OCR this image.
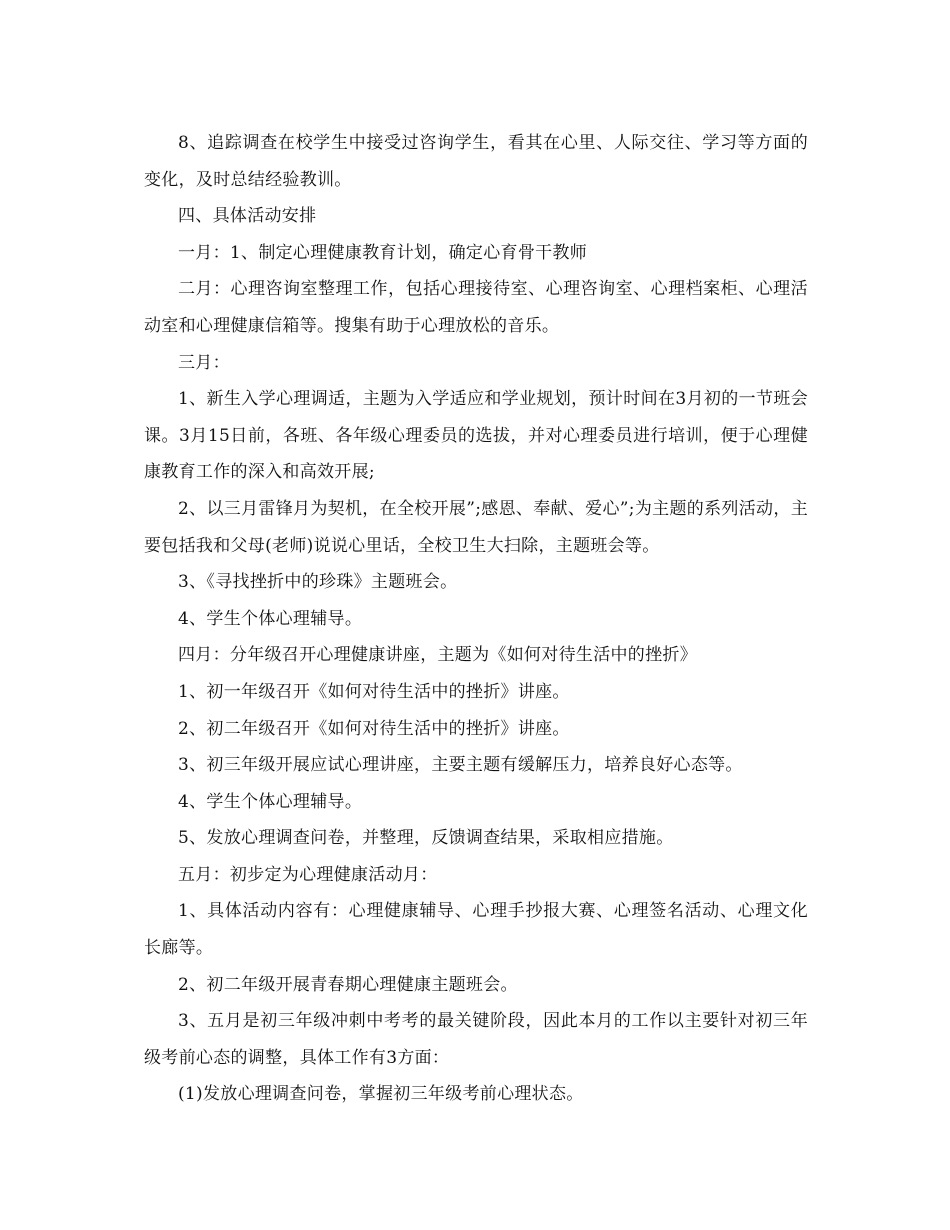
8、追踪调查在校学生中接受过咨询学生，看其在心里、人际交往、学习等方面的变化，及时总结经验教训。

四、具体活动安排

一月：1、制定心理健康教育计划，确定心育骨干教师

二月：心理咨询室整理工作，包括心理接待室、心理咨询室、心理档案柜、心理活动室和心理健康信箱等。搜集有助于心理放松的音乐。

三月：

1、新生入学心理调适，主题为入学适应和学业规划，预计时间在3月初的一节班会课。3月15日前，各班、各年级心理委员的选拔，并对心理委员进行培训，便于心理健康教育工作的深入和高效开展;

2、以三月雷锋月为契机，在全校开展”;感恩、奉献、爱心”;为主题的系列活动，主要包括我和父母(老师)说说心里话，全校卫生大扫除，主题班会等。

3、《寻找挫折中的珍珠》主题班会。

4、学生个体心理辅导。

四月：分年级召开心理健康讲座，主题为《如何对待生活中的挫折》

1、初一年级召开《如何对待生活中的挫折》讲座。

2、初二年级召开《如何对待生活中的挫折》讲座。

3、初三年级开展应试心理讲座，主要主题有缓解压力，培养良好心态等。

4、学生个体心理辅导。

5、发放心理调查问卷，并整理，反馈调查结果，采取相应措施。

五月：初步定为心理健康活动月：

1、具体活动内容有：心理健康辅导、心理手抄报大赛、心理签名活动、心理文化长廊等。

2、初二年级开展青春期心理健康主题班会。

3、五月是初三年级冲刺中考考的最关键阶段，因此本月的工作以主要针对初三年级考前心态的调整，具体工作有3方面：

(1)发放心理调查问卷，掌握初三年级考前心理状态。
